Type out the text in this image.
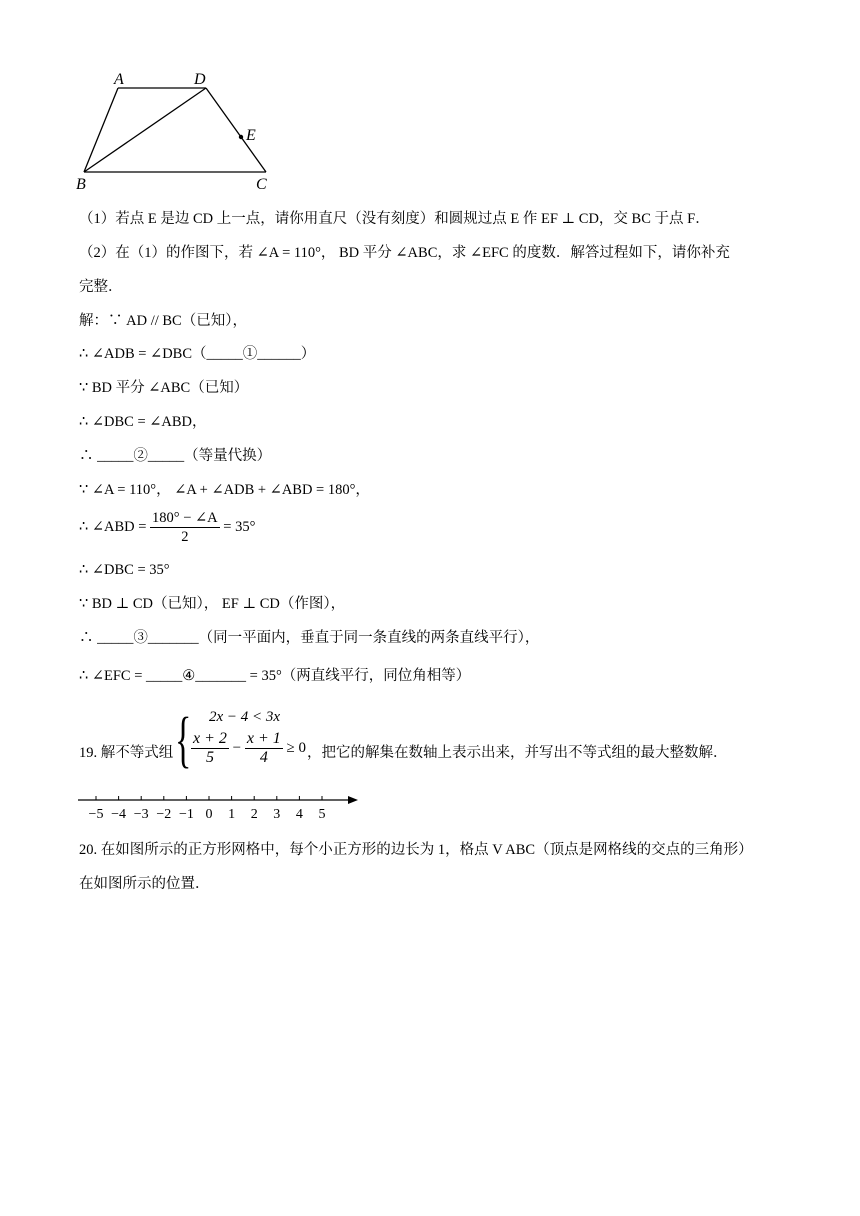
A	D
E
B	C
（1）若点 E 是边 CD 上一点，请你用直尺（没有刻度）和圆规过点 E 作 EF ⊥ CD，交 BC 于点 F．
（2）在（1）的作图下，若 ∠A = 110°， BD 平分 ∠ABC，求 ∠EFC 的度数．解答过程如下，请你补充
完整．
解：∵ AD // BC（已知），
∴ ∠ADB = ∠DBC（_____①______）
∵ BD 平分 ∠ABC（已知）
∴ ∠DBC = ∠ABD，
∴ _____②_____（等量代换）
∵ ∠A = 110°， ∠A + ∠ADB + ∠ABD = 180°，
∴ ∠ABD = $\frac{180^\circ - \angle A}{2} = 35^\circ$
∴ ∠DBC = 35°
∵ BD ⊥ CD（已知）， EF ⊥ CD（作图），
∴ _____③_______（同一平面内，垂直于同一条直线的两条直线平行），
∴ ∠EFC = _____④_______ = 35°（两直线平行，同位角相等）
19. 解不等式组 { 2x − 4 < 3x
$\frac{x + 2}{5} - \frac{x + 1}{4} \ge 0$ ，把它的解集在数轴上表示出来，并写出不等式组的最大整数解．
−5 −4 −3 −2 −1 0 1 2 3 4 5
20. 在如图所示的正方形网格中，每个小正方形的边长为 1，格点 V ABC（顶点是网格线的交点的三角形）
在如图所示的位置．
